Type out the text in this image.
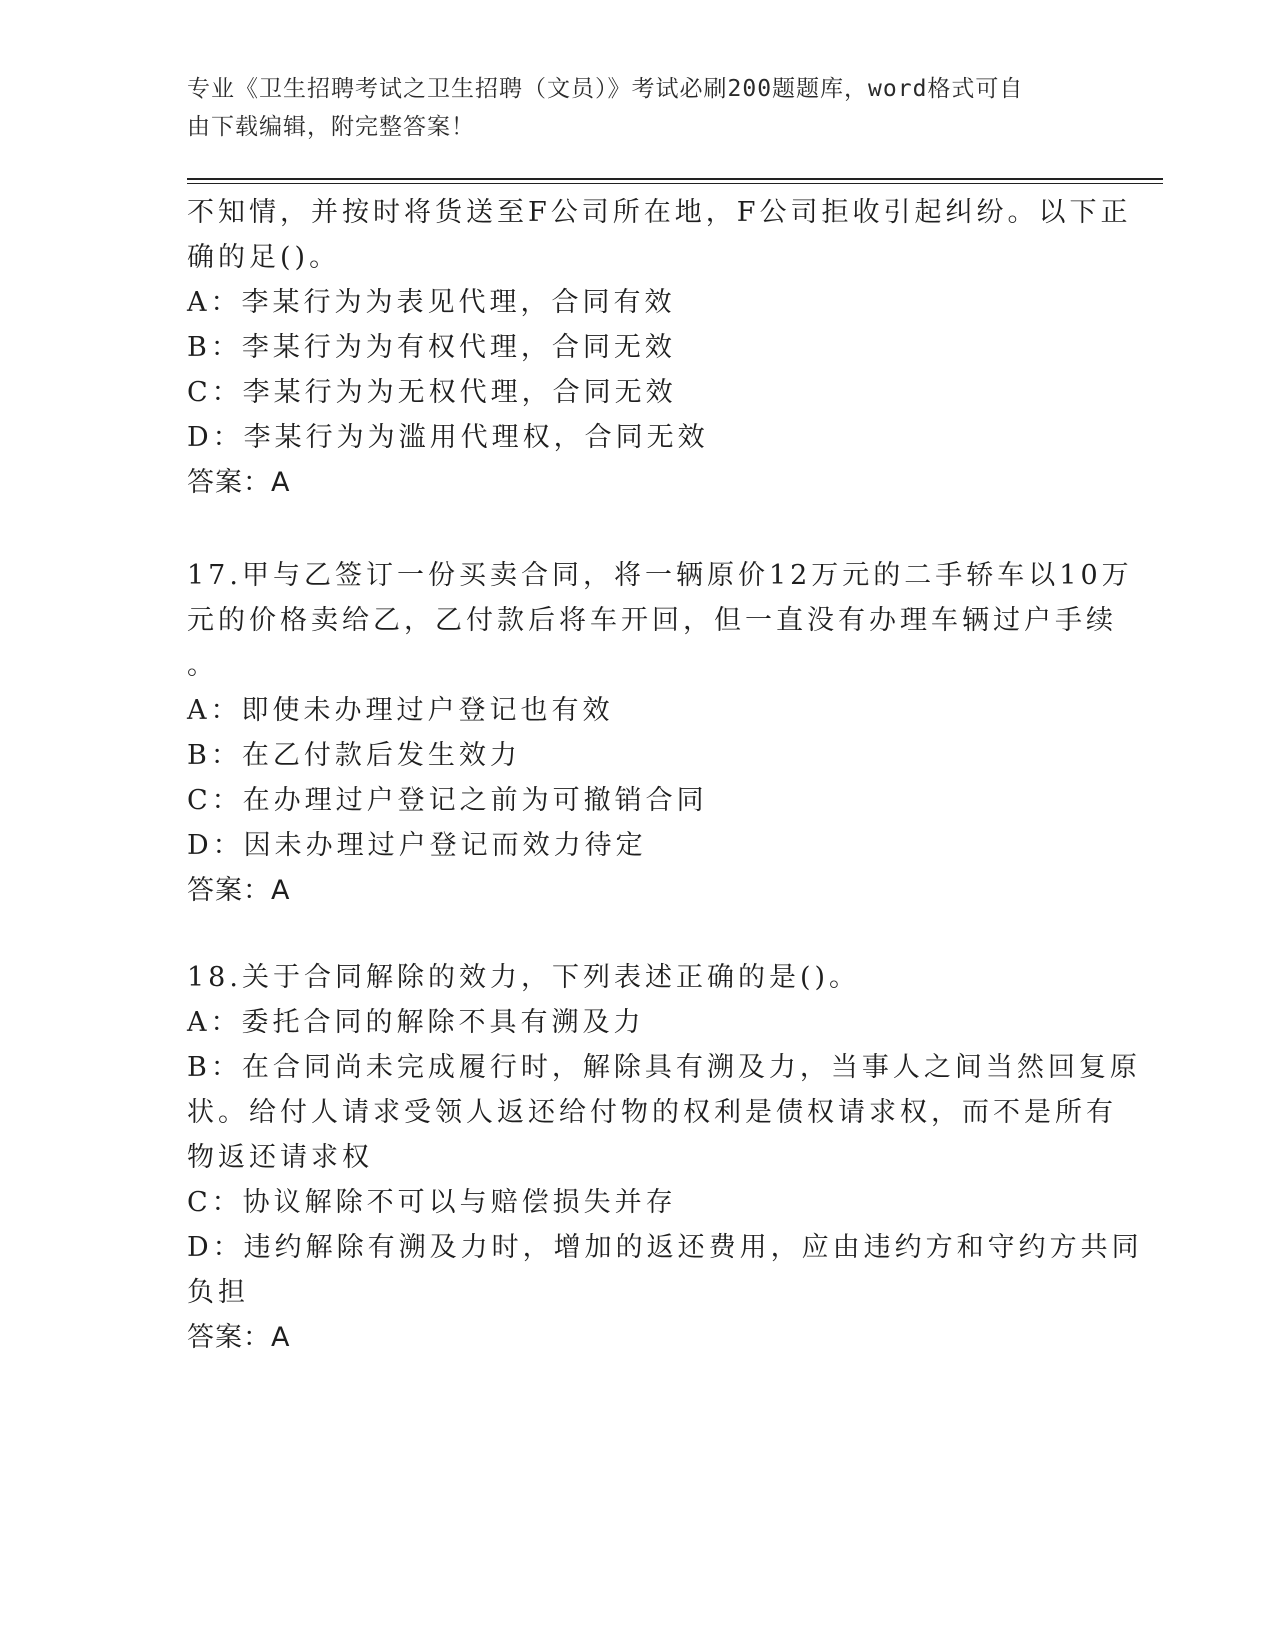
专业《卫生招聘考试之卫生招聘（文员）》考试必刷200题题库，word格式可自
由下载编辑，附完整答案！
不知情，并按时将货送至F公司所在地，F公司拒收引起纠纷。以下正
确的足()。
A：李某行为为表见代理，合同有效
B：李某行为为有权代理，合同无效
C：李某行为为无权代理，合同无效
D：李某行为为滥用代理权，合同无效
答案：A
17.甲与乙签订一份买卖合同，将一辆原价12万元的二手轿车以10万
元的价格卖给乙，乙付款后将车开回，但一直没有办理车辆过户手续
。
A：即使未办理过户登记也有效
B：在乙付款后发生效力
C：在办理过户登记之前为可撤销合同
D：因未办理过户登记而效力待定
答案：A
18.关于合同解除的效力，下列表述正确的是()。
A：委托合同的解除不具有溯及力
B：在合同尚未完成履行时，解除具有溯及力，当事人之间当然回复原
状。给付人请求受领人返还给付物的权利是债权请求权，而不是所有
物返还请求权
C：协议解除不可以与赔偿损失并存
D：违约解除有溯及力时，增加的返还费用，应由违约方和守约方共同
负担
答案：A
